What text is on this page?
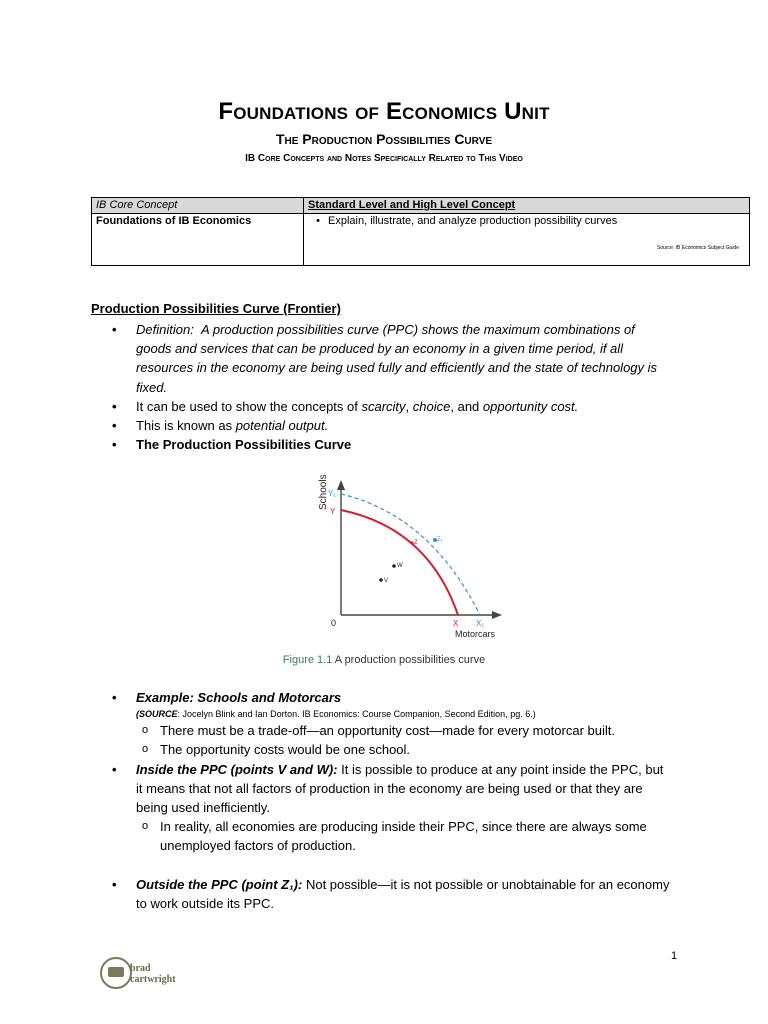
Foundations of Economics Unit
The Production Possibilities Curve
IB Core Concepts and Notes Specifically Related to This Video
IB Core Concept	Standard Level and High Level Concept
Foundations of IB Economics	• Explain, illustrate, and analyze production possibility curves
Source: IB Economics Subject Guide
Production Possibilities Curve (Frontier)
• Definition: A production possibilities curve (PPC) shows the maximum combinations of goods and services that can be produced by an economy in a given time period, if all resources in the economy are being used fully and efficiently and the state of technology is fixed.
• It can be used to show the concepts of scarcity, choice, and opportunity cost.
• This is known as potential output.
• The Production Possibilities Curve
Schools Y₁
Y
0	X X₁
Motorcars
Z	Z₁
W
V
Figure 1.1 A production possibilities curve
• Example: Schools and Motorcars
(SOURCE: Jocelyn Blink and Ian Dorton. IB Economics: Course Companion, Second Edition, pg. 6.)
o There must be a trade-off—an opportunity cost—made for every motorcar built.
o The opportunity costs would be one school.
• Inside the PPC (points V and W): It is possible to produce at any point inside the PPC, but it means that not all factors of production in the economy are being used or that they are being used inefficiently.
o In reality, all economies are producing inside their PPC, since there are always some unemployed factors of production.
• Outside the PPC (point Z₁): Not possible—it is not possible or unobtainable for an economy to work outside its PPC.
1
brad
cartwright
